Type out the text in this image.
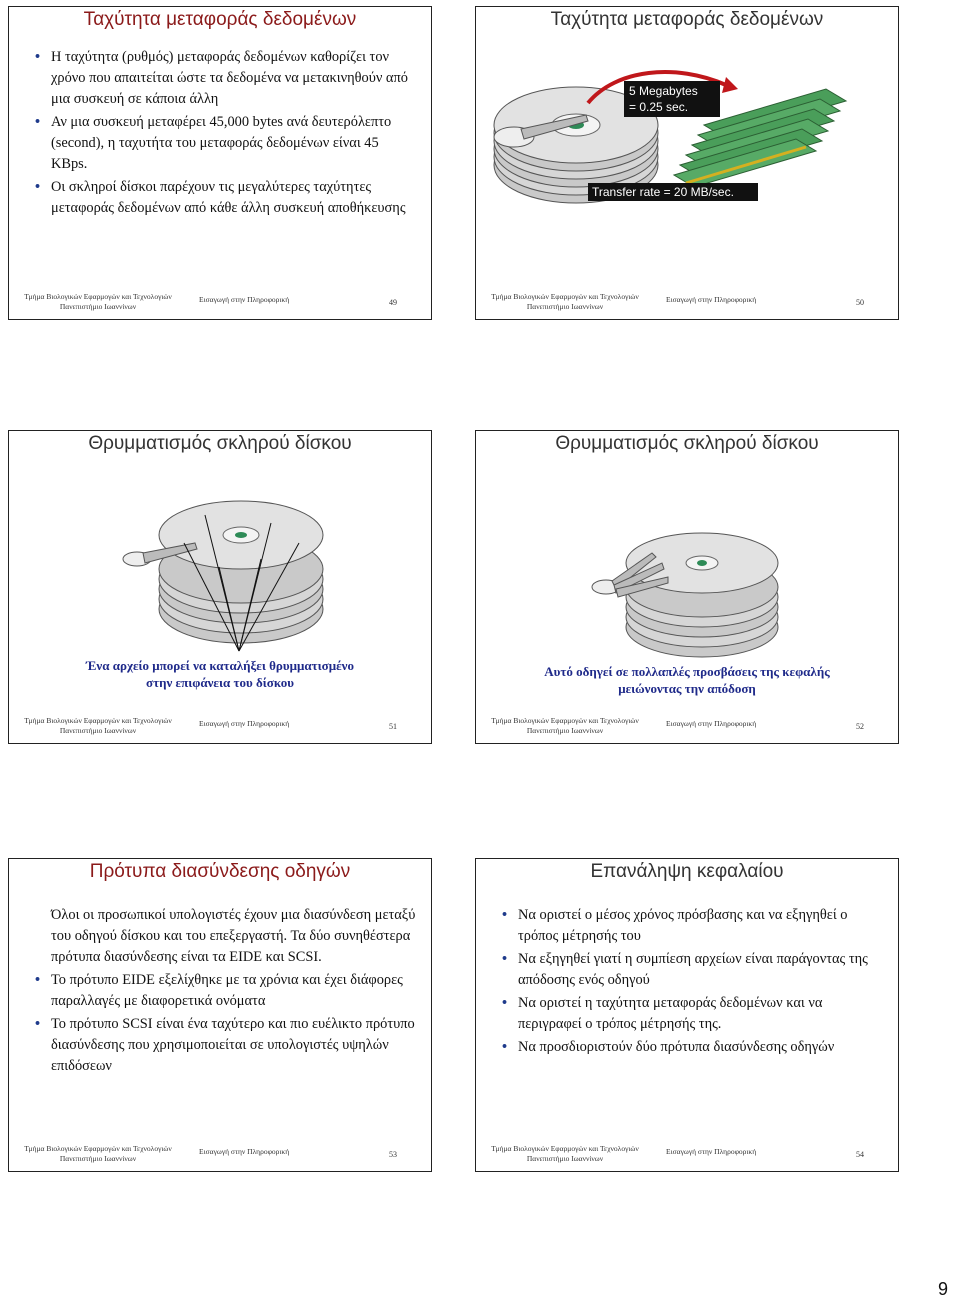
Ταχύτητα μεταφοράς δεδομένων
• Η ταχύτητα (ρυθμός) μεταφοράς δεδομένων καθορίζει τον χρόνο που απαιτείται ώστε τα δεδομένα να μετακινηθούν από μια συσκευή σε κάποια άλλη
• Αν μια συσκευή μεταφέρει 45,000 bytes ανά δευτερόλεπτο (second), η ταχυτήτα του μεταφοράς δεδομένων είναι 45 KBps.
• Οι σκληροί δίσκοι παρέχουν τις μεγαλύτερες ταχύτητες μεταφοράς δεδομένων από κάθε άλλη συσκευή αποθήκευσης
Τμήμα Βιολογικών Εφαρμογών και Τεχνολογιών
Πανεπιστήμιο Ιωαννίνων
Εισαγωγή στην Πληροφορική	49
Ταχύτητα μεταφοράς δεδομένων
5 Megabytes
= 0.25 sec.
Transfer rate = 20 MB/sec.
Τμήμα Βιολογικών Εφαρμογών και Τεχνολογιών
Πανεπιστήμιο Ιωαννίνων
Εισαγωγή στην Πληροφορική	50
Θρυμματισμός σκληρού δίσκου
Ένα αρχείο μπορεί να καταλήξει θρυμματισμένο
στην επιφάνεια του δίσκου
Τμήμα Βιολογικών Εφαρμογών και Τεχνολογιών
Πανεπιστήμιο Ιωαννίνων
Εισαγωγή στην Πληροφορική	51
Θρυμματισμός σκληρού δίσκου
Αυτό οδηγεί σε πολλαπλές προσβάσεις της κεφαλής
μειώνοντας την απόδοση
Τμήμα Βιολογικών Εφαρμογών και Τεχνολογιών
Πανεπιστήμιο Ιωαννίνων
Εισαγωγή στην Πληροφορική	52
Πρότυπα διασύνδεσης οδηγών
Όλοι οι προσωπικοί υπολογιστές έχουν μια διασύνδεση μεταξύ του οδηγού δίσκου και του επεξεργαστή. Τα δύο συνηθέστερα πρότυπα διασύνδεσης είναι τα EIDE και SCSI.
• Το πρότυπο EIDE εξελίχθηκε με τα χρόνια και έχει διάφορες παραλλαγές με διαφορετικά ονόματα
• Το πρότυπο SCSI είναι ένα ταχύτερο και πιο ευέλικτο πρότυπο διασύνδεσης που χρησιμοποιείται σε υπολογιστές υψηλών επιδόσεων
Τμήμα Βιολογικών Εφαρμογών και Τεχνολογιών
Πανεπιστήμιο Ιωαννίνων
Εισαγωγή στην Πληροφορική	53
Επανάληψη κεφαλαίου
• Να οριστεί ο μέσος χρόνος πρόσβασης και να εξηγηθεί ο τρόπος μέτρησής του
• Να εξηγηθεί γιατί η συμπίεση αρχείων είναι παράγοντας της απόδοσης ενός οδηγού
• Να οριστεί η ταχύτητα μεταφοράς δεδομένων και να περιγραφεί ο τρόπος μέτρησής της.
• Να προσδιοριστούν δύο πρότυπα διασύνδεσης οδηγών
Τμήμα Βιολογικών Εφαρμογών και Τεχνολογιών
Πανεπιστήμιο Ιωαννίνων
Εισαγωγή στην Πληροφορική	54
9
